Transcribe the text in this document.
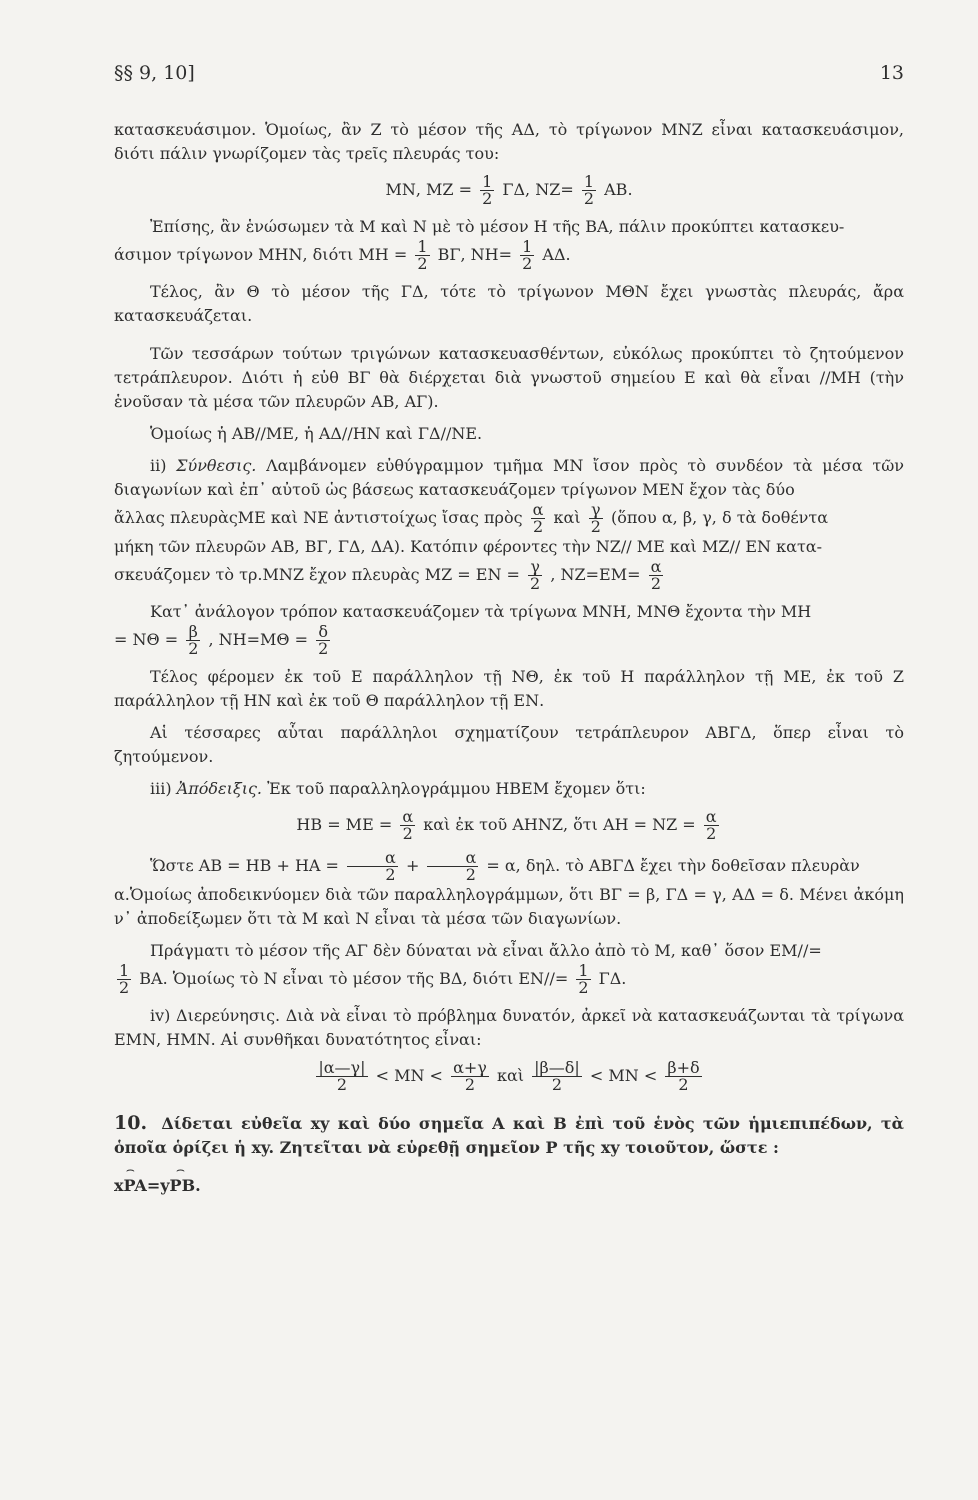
§§ 9, 10]	13

κατασκευάσιμον. Ὁμοίως, ἂν Ζ τὸ μέσον τῆς ΑΔ, τὸ τρίγωνον ΜΝΖ εἶναι κατασκευάσιμον, διότι πάλιν γνωρίζομεν τὰς τρεῖς πλευράς του:

ΜΝ, $MZ = \frac{1}{2} \Gamma\Delta$, $NZ= \frac{1}{2} AB$.

Ἐπίσης, ἂν ἑνώσωμεν τὰ Μ καὶ Ν μὲ τὸ μέσον Η τῆς ΒΑ, πάλιν προκύπτει κατασκευ-

άσιμον τρίγωνον ΜΗΝ, διότι $MH = \frac{1}{2} B\Gamma$, $NH= \frac{1}{2} A\Delta$.

Τέλος, ἂν Θ τὸ μέσον τῆς ΓΔ, τότε τὸ τρίγωνον ΜΘΝ ἔχει γνωστὰς πλευράς, ἄρα κατασκευάζεται.

Τῶν τεσσάρων τούτων τριγώνων κατασκευασθέντων, εὐκόλως προκύπτει τὸ ζητούμενον τετράπλευρον. Διότι ἡ εὐθ ΒΓ θὰ διέρχεται διὰ γνωστοῦ σημείου Ε καὶ θὰ εἶναι //ΜΗ (τὴν ἑνοῦσαν τὰ μέσα τῶν πλευρῶν ΑΒ, ΑΓ).

Ὁμοίως ἡ ΑΒ//ΜΕ, ἡ ΑΔ//ΗΝ καὶ ΓΔ//ΝΕ.

ii) Σύνθεσις. Λαμβάνομεν εὐθύγραμμον τμῆμα ΜΝ ἴσον πρὸς τὸ συνδέον τὰ μέσα τῶν διαγωνίων καὶ ἐπ᾽ αὐτοῦ ὡς βάσεως κατασκευάζομεν τρίγωνον ΜΕΝ ἔχον τὰς δύο

ἄλλας πλευρὰςΜΕ καὶ ΝΕ ἀντιστοίχως ἴσας πρὸς $\frac{\alpha}{2}$ καὶ $\frac{\gamma}{2}$ (ὅπου α, β, γ, δ τὰ δοθέντα

μήκη τῶν πλευρῶν ΑΒ, ΒΓ, ΓΔ, ΔΑ). Κατόπιν φέροντες τὴν ΝΖ// ΜΕ καὶ ΜΖ// ΕΝ κατα-

σκευάζομεν τὸ τρ.ΜΝΖ ἔχον πλευρὰς $MZ = EN = \frac{\gamma}{2}$ , $NZ=EM= \frac{\alpha}{2}$

Κατ᾽ ἀνάλογον τρόπον κατασκευάζομεν τὰ τρίγωνα ΜΝΗ, ΜΝΘ ἔχοντα τὴν ΜΗ

= $N\Theta = \frac{\beta}{2}$ , $NH=M\Theta = \frac{\delta}{2}$

Τέλος φέρομεν ἐκ τοῦ Ε παράλληλον τῇ ΝΘ, ἐκ τοῦ Η παράλληλον τῇ ΜΕ, ἐκ τοῦ Ζ παράλληλον τῇ ΗΝ καὶ ἐκ τοῦ Θ παράλληλον τῇ ΕΝ.

Αἱ τέσσαρες αὗται παράλληλοι σχηματίζουν τετράπλευρον ΑΒΓΔ, ὅπερ εἶναι τὸ ζητούμενον.

iii) Ἀπόδειξις. Ἐκ τοῦ παραλληλογράμμου ΗΒΕΜ ἔχομεν ὅτι:

$HB = ME = \frac{\alpha}{2}$ καὶ ἐκ τοῦ ΑΗΝΖ, ὅτι $AH = NZ = \frac{\alpha}{2}$

Ὥστε $AB = HB + HA = \frac{\alpha}{2} + \frac{\alpha}{2} = \alpha$, δηλ. τὸ ΑΒΓΔ ἔχει τὴν δοθεῖσαν πλευρὰν

α.Ὁμοίως ἀποδεικνύομεν διὰ τῶν παραλληλογράμμων, ὅτι ΒΓ = β, ΓΔ = γ, ΑΔ = δ. Μένει ἀκόμη ν᾽ ἀποδείξωμεν ὅτι τὰ Μ καὶ Ν εἶναι τὰ μέσα τῶν διαγωνίων.

Πράγματι τὸ μέσον τῆς ΑΓ δὲν δύναται νὰ εἶναι ἄλλο ἀπὸ τὸ Μ, καθ᾽ ὅσον ΕΜ//=

$\frac{1}{2} BA$. Ὁμοίως τὸ Ν εἶναι τὸ μέσον τῆς ΒΔ, διότι $EN//= \frac{1}{2} \Gamma\Delta$.

iv) Διερεύνησις. Διὰ νὰ εἶναι τὸ πρόβλημα δυνατόν, ἀρκεῖ νὰ κατασκευάζωνται τὰ τρίγωνα ΕΜΝ, ΗΜΝ. Αἱ συνθῆκαι δυνατότητος εἶναι:

$\frac{|\alpha—\gamma|}{2} < MN < \frac{\alpha+\gamma}{2}$ καὶ $\frac{|\beta—\delta|}{2} < MN < \frac{\beta+\delta}{2}$

10. Δίδεται εὐθεῖα xy καὶ δύο σημεῖα Α καὶ Β ἐπὶ τοῦ ἑνὸς τῶν ἡμιεπιπέδων, τὰ ὁποῖα ὁρίζει ἡ xy. Ζητεῖται νὰ εὑρεθῇ σημεῖον Ρ τῆς xy τοιοῦτον, ὥστε :

⌢ xPA=⌢ yPB.
